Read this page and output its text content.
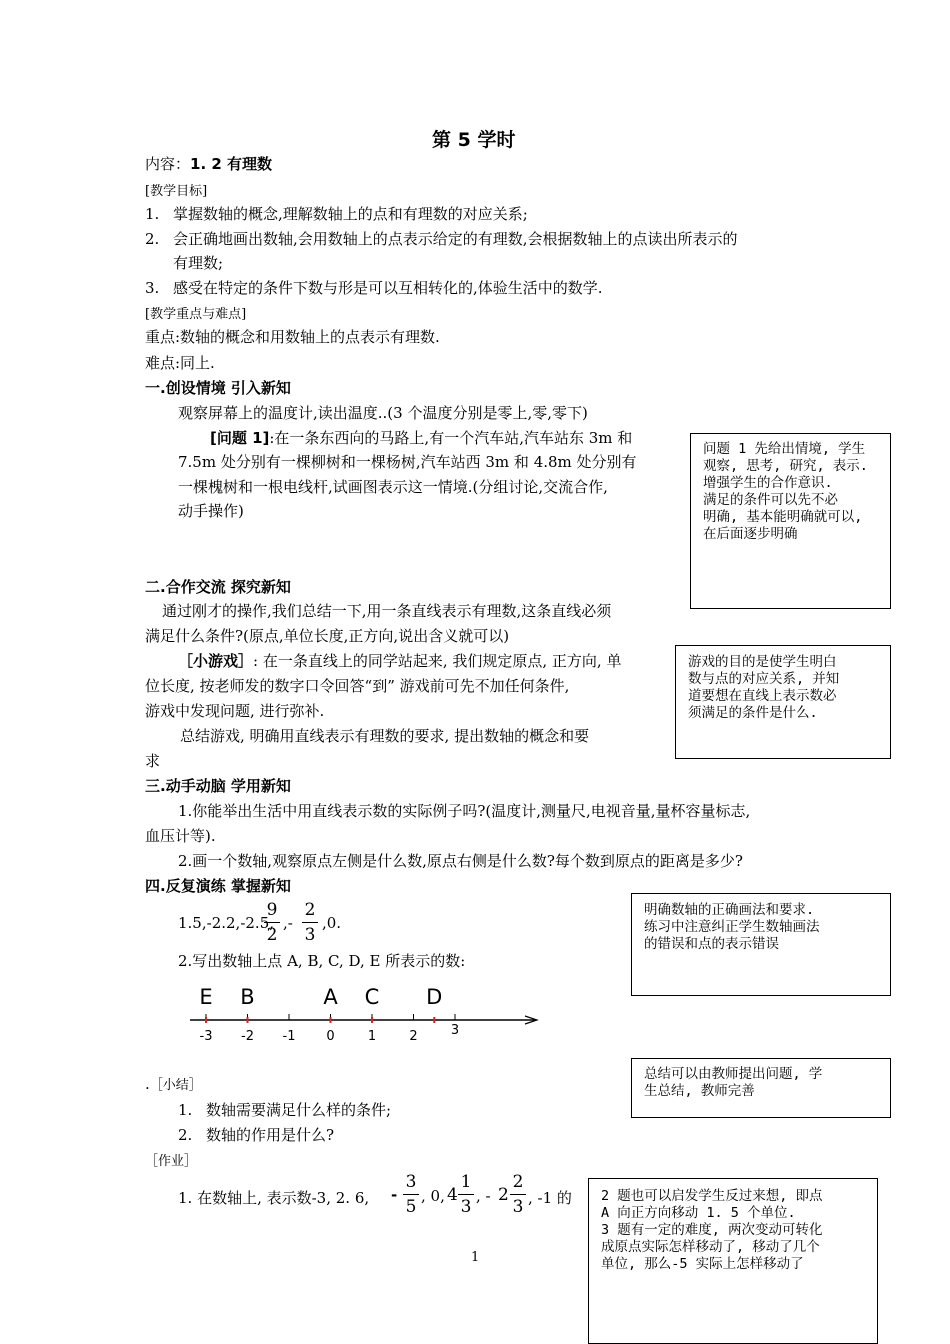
第 5 学时
内容：1. 2 有理数
[教学目标]
1. 掌握数轴的概念,理解数轴上的点和有理数的对应关系;
2. 会正确地画出数轴,会用数轴上的点表示给定的有理数,会根据数轴上的点读出所表示的
有理数;
3. 感受在特定的条件下数与形是可以互相转化的,体验生活中的数学.
[教学重点与难点]
重点:数轴的概念和用数轴上的点表示有理数.
难点:同上.
一.创设情境 引入新知
观察屏幕上的温度计,读出温度..(3 个温度分别是零上,零,零下)
[问题 1]:在一条东西向的马路上,有一个汽车站,汽车站东 3m 和
7.5m 处分别有一棵柳树和一棵杨树,汽车站西 3m 和 4.8m 处分别有
一棵槐树和一根电线杆,试画图表示这一情境.(分组讨论,交流合作,
动手操作)
问题 1 先给出情境, 学生
观察, 思考, 研究, 表示.
增强学生的合作意识.
满足的条件可以先不必
明确, 基本能明确就可以,
在后面逐步明确
二.合作交流 探究新知
通过刚才的操作,我们总结一下,用一条直线表示有理数,这条直线必须
满足什么条件?(原点,单位长度,正方向,说出含义就可以)
［小游戏］: 在一条直线上的同学站起来, 我们规定原点, 正方向, 单
位长度, 按老师发的数字口令回答“到” 游戏前可先不加任何条件,
游戏中发现问题, 进行弥补.
总结游戏, 明确用直线表示有理数的要求, 提出数轴的概念和要
求
游戏的目的是使学生明白
数与点的对应关系, 并知
道要想在直线上表示数必
须满足的条件是什么.
三.动手动脑 学用新知
1.你能举出生活中用直线表示数的实际例子吗?(温度计,测量尺,电视音量,量杯容量标志,
血压计等).
2.画一个数轴,观察原点左侧是什么数,原点右侧是什么数?每个数到原点的距离是多少?
四.反复演练 掌握新知
1.5,-2.2,-2.5,
9
2
,-
2
3
,0.
2.写出数轴上点 A, B, C, D, E 所表示的数:
-3 -2 -1 0	1	2	3
E B	A C D
明确数轴的正确画法和要求.
练习中注意纠正学生数轴画法
的错误和点的表示错误
.［小结］
1. 数轴需要满足什么样的条件;
2. 数轴的作用是什么?
总结可以由教师提出问题, 学
生总结, 教师完善
［作业］
1. 在数轴上, 表示数-3, 2. 6, -
3
5
, 0, 4
1
3
, - 2
2
3 , -1 的 2 题也可以启发学生反过来想, 即点
A 向正方向移动 1. 5 个单位.
3 题有一定的难度, 两次变动可转化
成原点实际怎样移动了, 移动了几个
单位, 那么-5 实际上怎样移动了
1
